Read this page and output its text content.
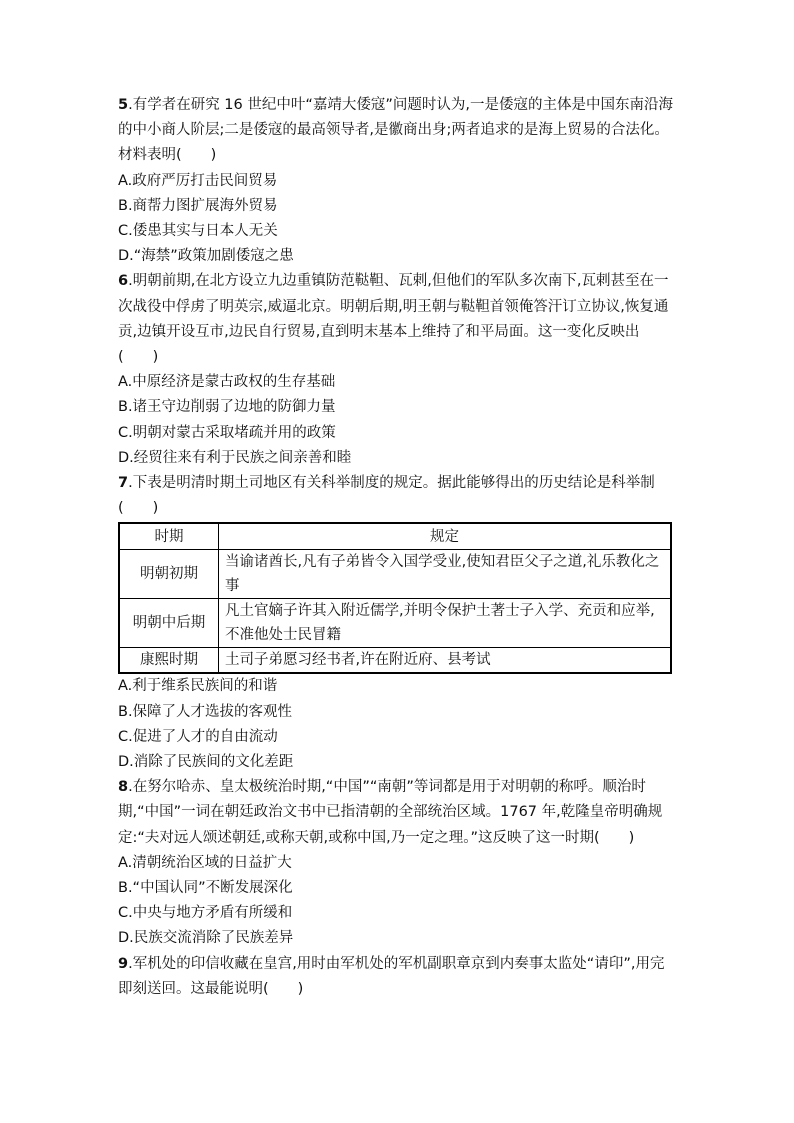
5.有学者在研究 16 世纪中叶“嘉靖大倭寇”问题时认为,一是倭寇的主体是中国东南沿海的中小商人阶层;二是倭寇的最高领导者,是徽商出身;两者追求的是海上贸易的合法化。材料表明(　　)

A.政府严厉打击民间贸易

B.商帮力图扩展海外贸易

C.倭患其实与日本人无关

D.“海禁”政策加剧倭寇之患

6.明朝前期,在北方设立九边重镇防范鞑靼、瓦剌,但他们的军队多次南下,瓦剌甚至在一次战役中俘虏了明英宗,威逼北京。明朝后期,明王朝与鞑靼首领俺答汗订立协议,恢复通贡,边镇开设互市,边民自行贸易,直到明末基本上维持了和平局面。这一变化反映出(　　)

A.中原经济是蒙古政权的生存基础

B.诸王守边削弱了边地的防御力量

C.明朝对蒙古采取堵疏并用的政策

D.经贸往来有利于民族之间亲善和睦

7.下表是明清时期土司地区有关科举制度的规定。据此能够得出的历史结论是科举制(　　)

时期	规定
明朝初期	当谕诸酋长,凡有子弟皆令入国学受业,使知君臣父子之道,礼乐教化之事
明朝中后期	凡土官嫡子许其入附近儒学,并明令保护土著士子入学、充贡和应举,不准他处士民冒籍
康熙时期	土司子弟愿习经书者,许在附近府、县考试

A.利于维系民族间的和谐

B.保障了人才选拔的客观性

C.促进了人才的自由流动

D.消除了民族间的文化差距

8.在努尔哈赤、皇太极统治时期,“中国”“南朝”等词都是用于对明朝的称呼。顺治时期,“中国”一词在朝廷政治文书中已指清朝的全部统治区域。1767 年,乾隆皇帝明确规定:“夫对远人颂述朝廷,或称天朝,或称中国,乃一定之理。”这反映了这一时期(　　)

A.清朝统治区域的日益扩大

B.“中国认同”不断发展深化

C.中央与地方矛盾有所缓和

D.民族交流消除了民族差异

9.军机处的印信收藏在皇宫,用时由军机处的军机副职章京到内奏事太监处“请印”,用完即刻送回。这最能说明(　　)
